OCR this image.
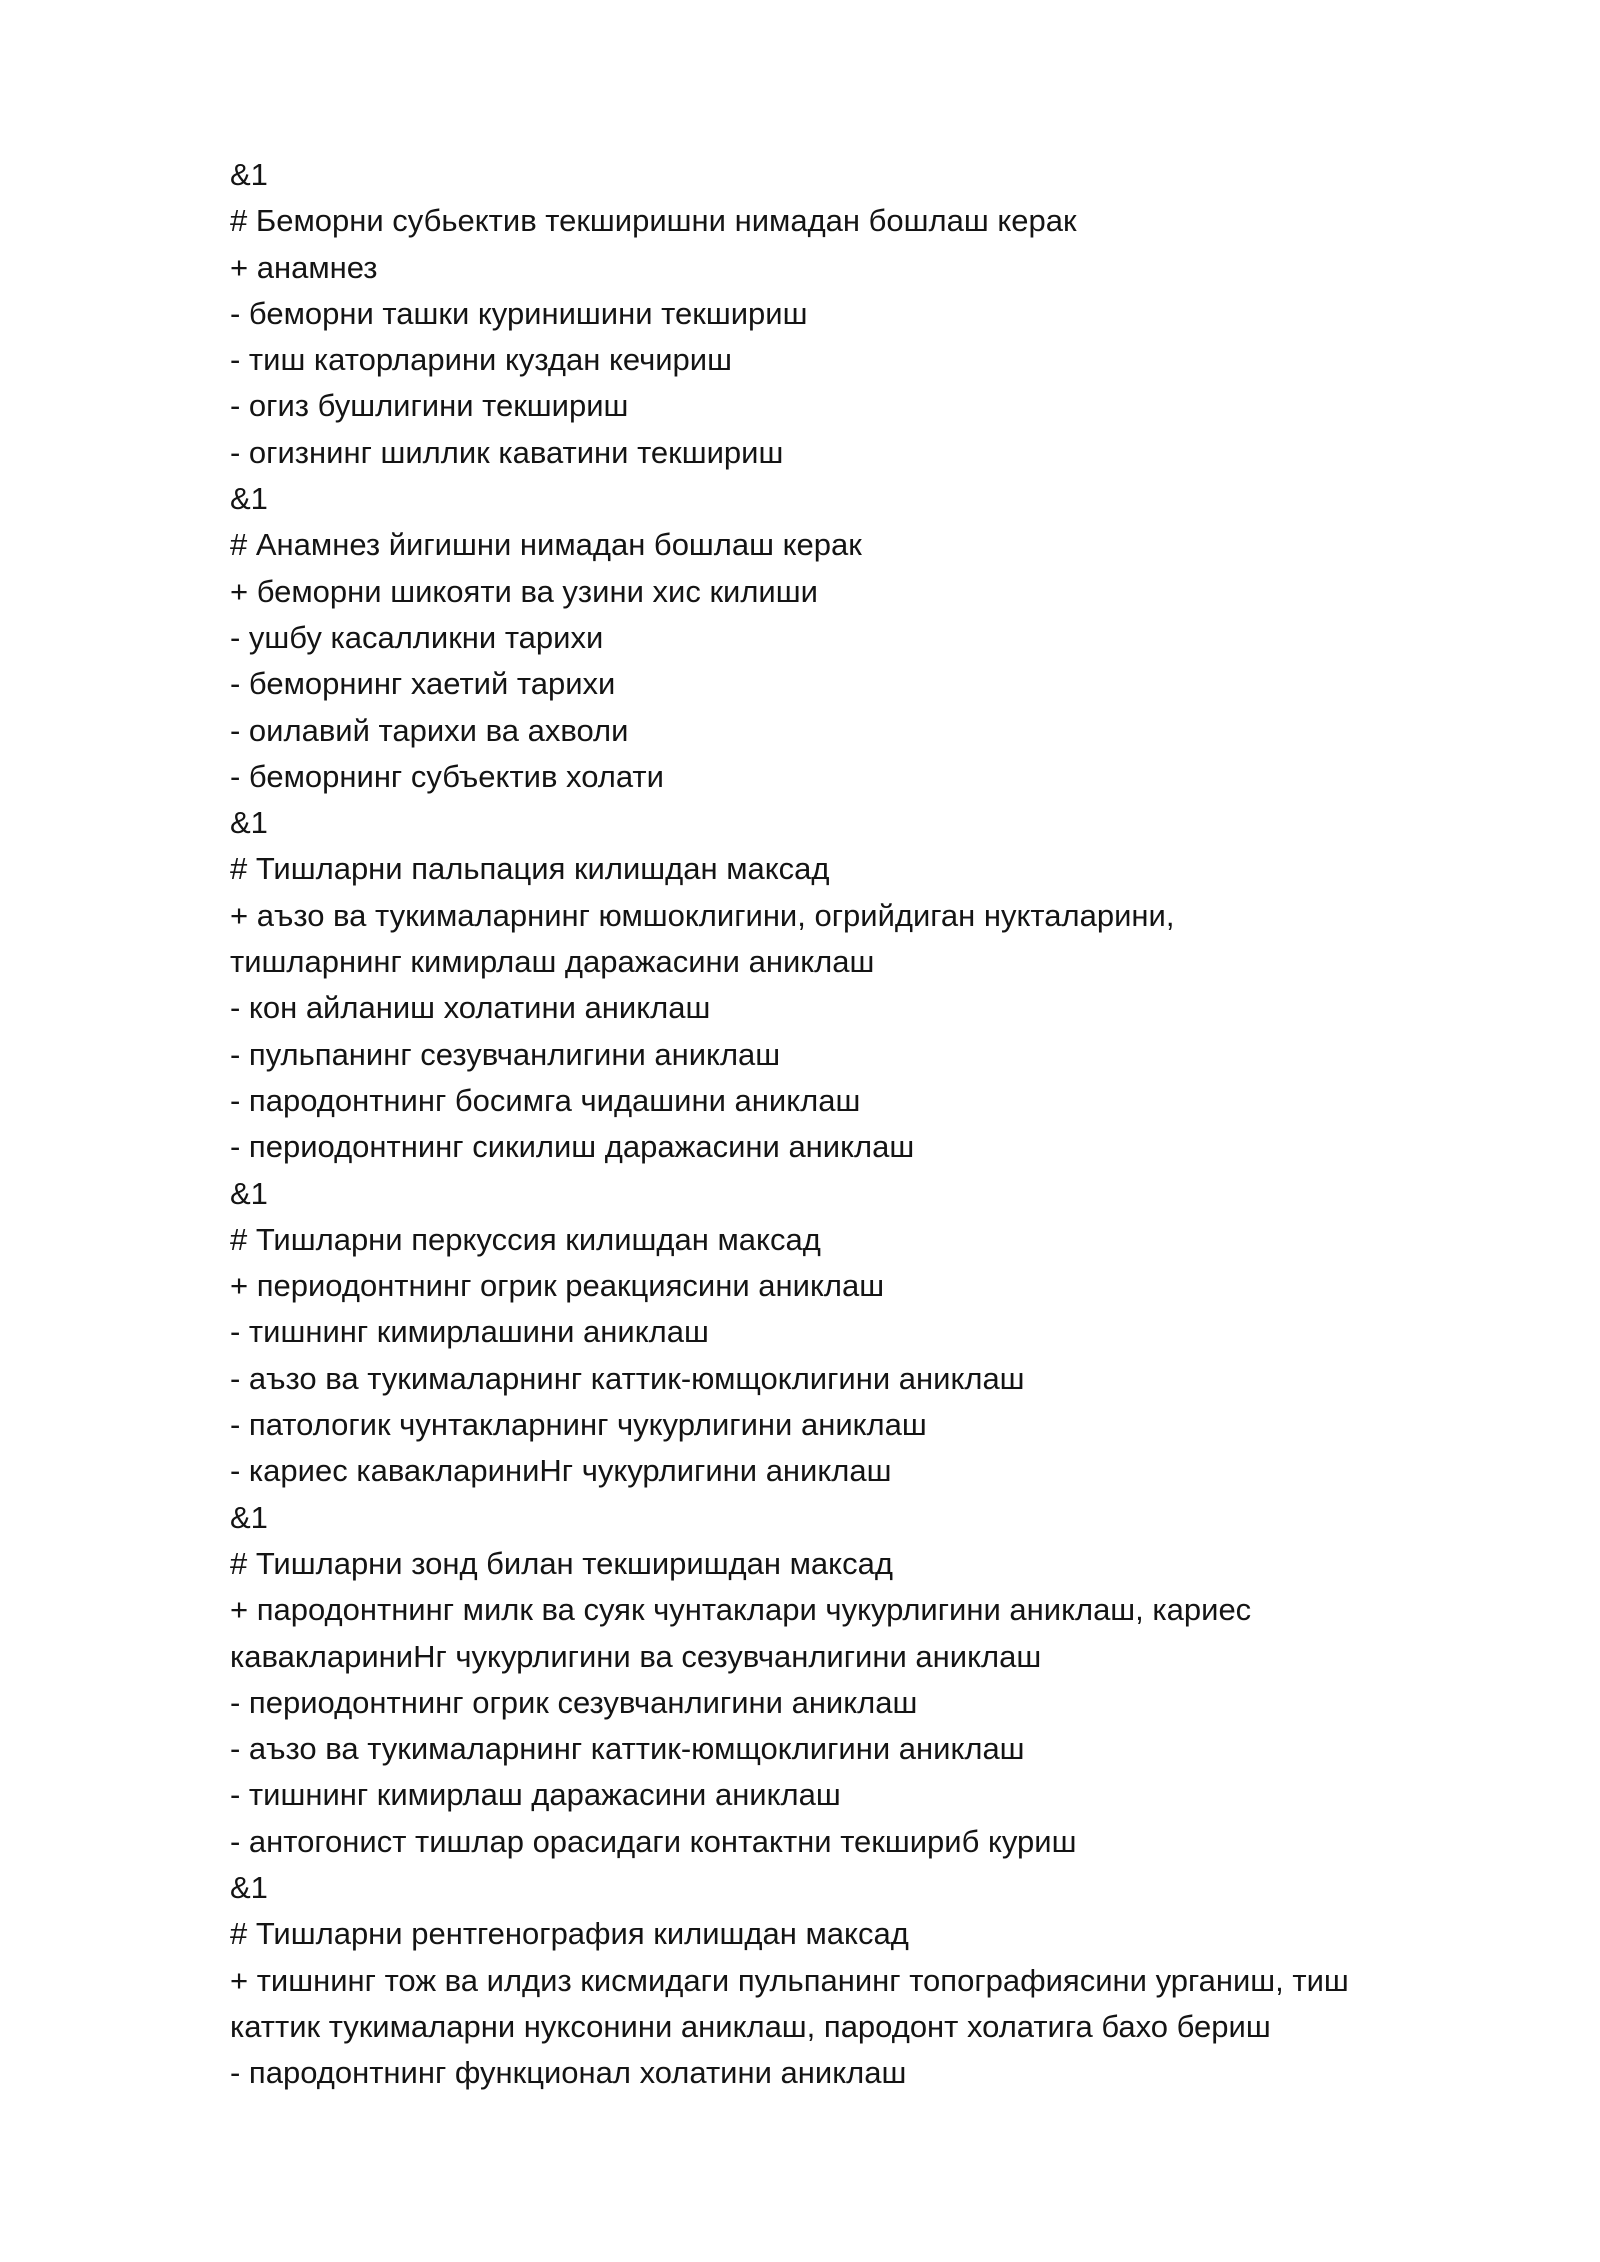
&1
# Беморни субьектив текширишни нимадан бошлаш керак
+ анамнез
- беморни ташки куринишини текшириш
- тиш каторларини куздан кечириш
- огиз бушлигини текшириш
- огизнинг шиллик каватини текшириш
&1
# Анамнез йигишни нимадан бошлаш керак
+ беморни шикояти ва узини хис килиши
- ушбу касалликни тарихи
- беморнинг хаетий тарихи
- оилавий тарихи ва ахволи
- беморнинг субъектив холати
&1
# Тишларни пальпация килишдан максад
+ аъзо ва тукималарнинг юмшоклигини, огрийдиган нукталарини,
тишларнинг кимирлаш даражасини аниклаш
- кон айланиш холатини аниклаш
- пульпанинг сезувчанлигини аниклаш
- пародонтнинг босимга чидашини аниклаш
- периодонтнинг сикилиш даражасини аниклаш
&1
# Тишларни перкуссия килишдан максад
+ периодонтнинг огрик реакциясини аниклаш
- тишнинг кимирлашини аниклаш
- аъзо ва тукималарнинг каттик-юмщоклигини аниклаш
- патологик чунтакларнинг чукурлигини аниклаш
- кариес каваклариниНг чукурлигини аниклаш
&1
# Тишларни зонд билан текширишдан максад
+ пародонтнинг милк ва суяк чунтаклари чукурлигини аниклаш, кариес
каваклариниНг чукурлигини ва сезувчанлигини аниклаш
- периодонтнинг огрик сезувчанлигини аниклаш
- аъзо ва тукималарнинг каттик-юмщоклигини аниклаш
- тишнинг кимирлаш даражасини аниклаш
- антогонист тишлар орасидаги контактни текшириб куриш
&1
# Тишларни рентгенография килишдан максад
+ тишнинг тож ва илдиз кисмидаги пульпанинг топографиясини урганиш, тиш
каттик тукималарни нуксонини аниклаш, пародонт холатига бахо бериш
- пародонтнинг функционал холатини аниклаш
